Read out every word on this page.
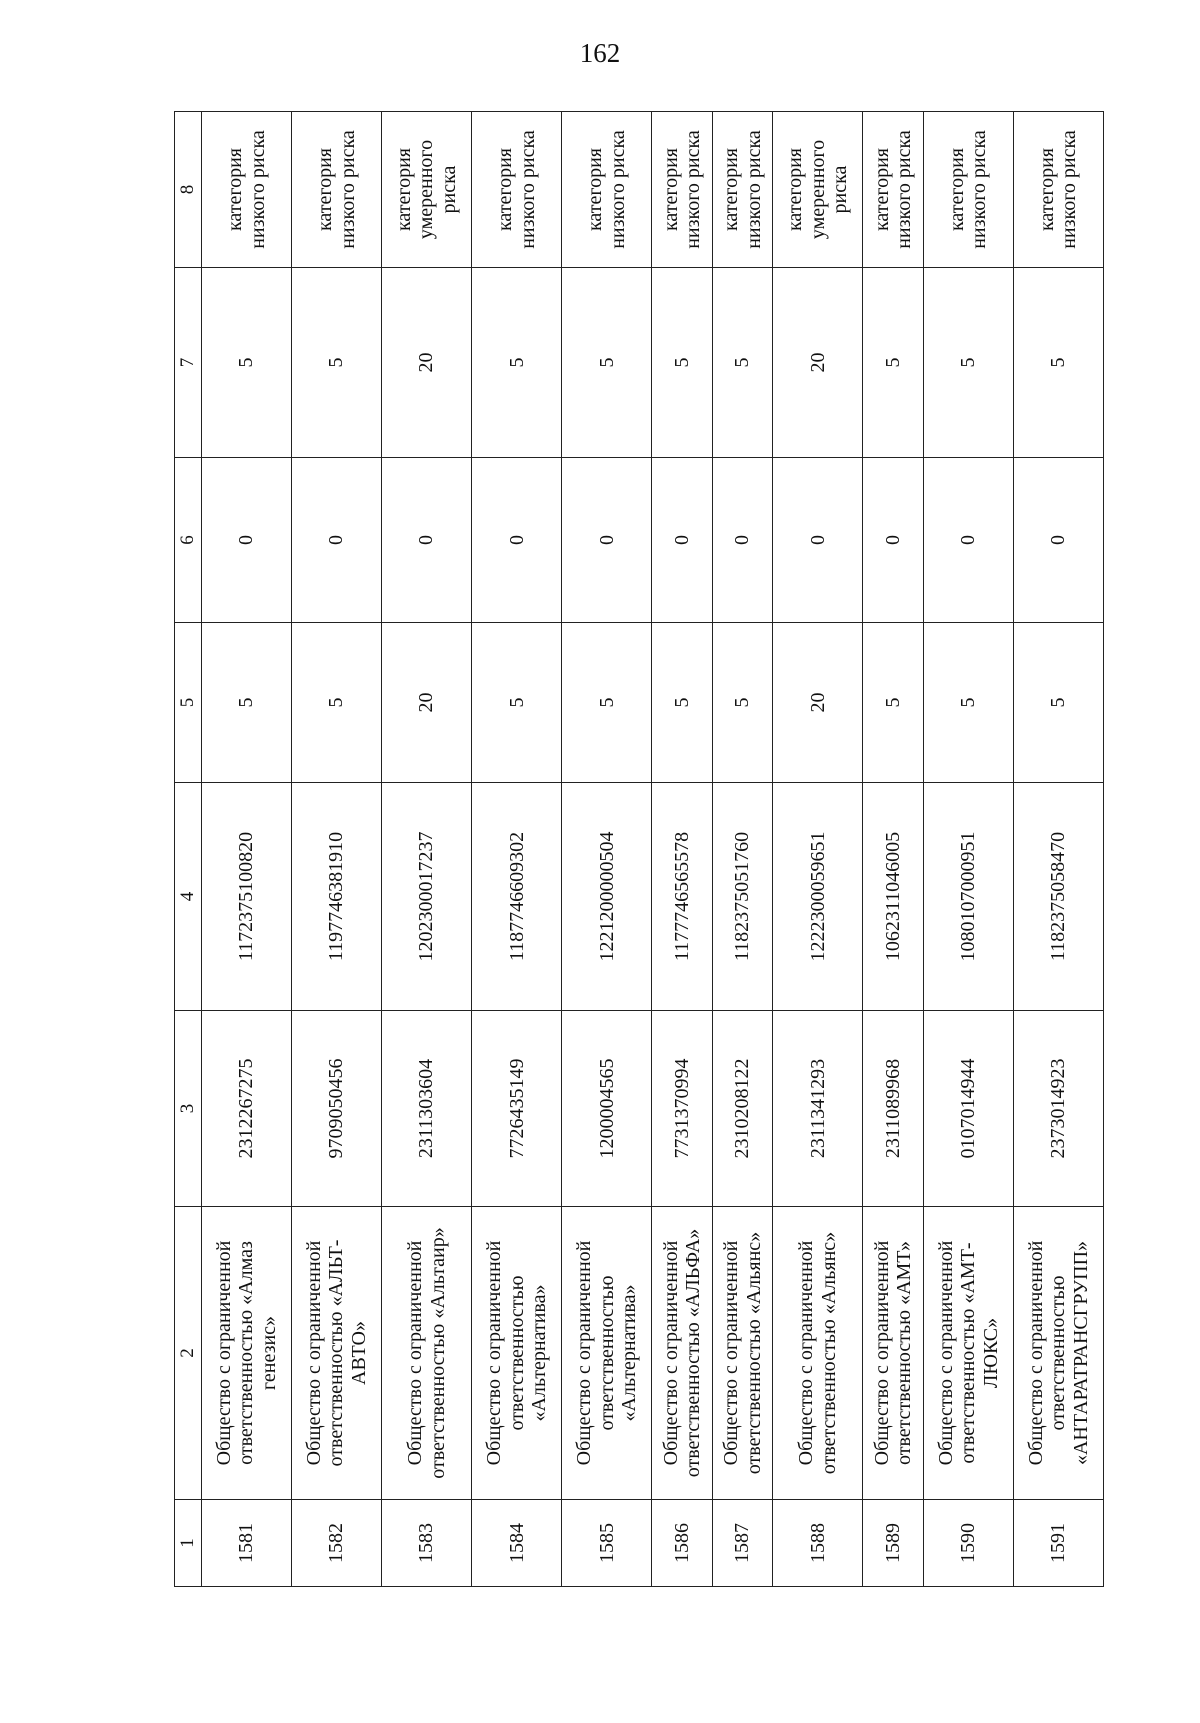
162
1	2	3	4	5	6	7	8
1581	Общество с ограниченной ответственностью «Алмаз генезис»	2312267275	1172375100820	5	0	5	категория низкого риска
1582	Общество с ограниченной ответственностью «АЛЬТ-АВТО»	9709050456	1197746381910	5	0	5	категория низкого риска
1583	Общество с ограниченной ответственностью «Альтаир»	2311303604	1202300017237	20	0	20	категория умеренного риска
1584	Общество с ограниченной ответственностью «Альтернатива»	7726435149	1187746609302	5	0	5	категория низкого риска
1585	Общество с ограниченной ответственностью «Альтернатива»	1200004565	1221200000504	5	0	5	категория низкого риска
1586	Общество с ограниченной ответственностью «АЛЬФА»	7731370994	1177746565578	5	0	5	категория низкого риска
1587	Общество с ограниченной ответственностью «Альянс»	2310208122	1182375051760	5	0	5	категория низкого риска
1588	Общество с ограниченной ответственностью «Альянс»	2311341293	1222300059651	20	0	20	категория умеренного риска
1589	Общество с ограниченной ответственностью «АМТ»	2311089968	1062311046005	5	0	5	категория низкого риска
1590	Общество с ограниченной ответственностью «АМТ-ЛЮКС»	0107014944	1080107000951	5	0	5	категория низкого риска
1591	Общество с ограниченной ответственностью «АНТАРАТРАНСГРУПП»	2373014923	1182375058470	5	0	5	категория низкого риска
